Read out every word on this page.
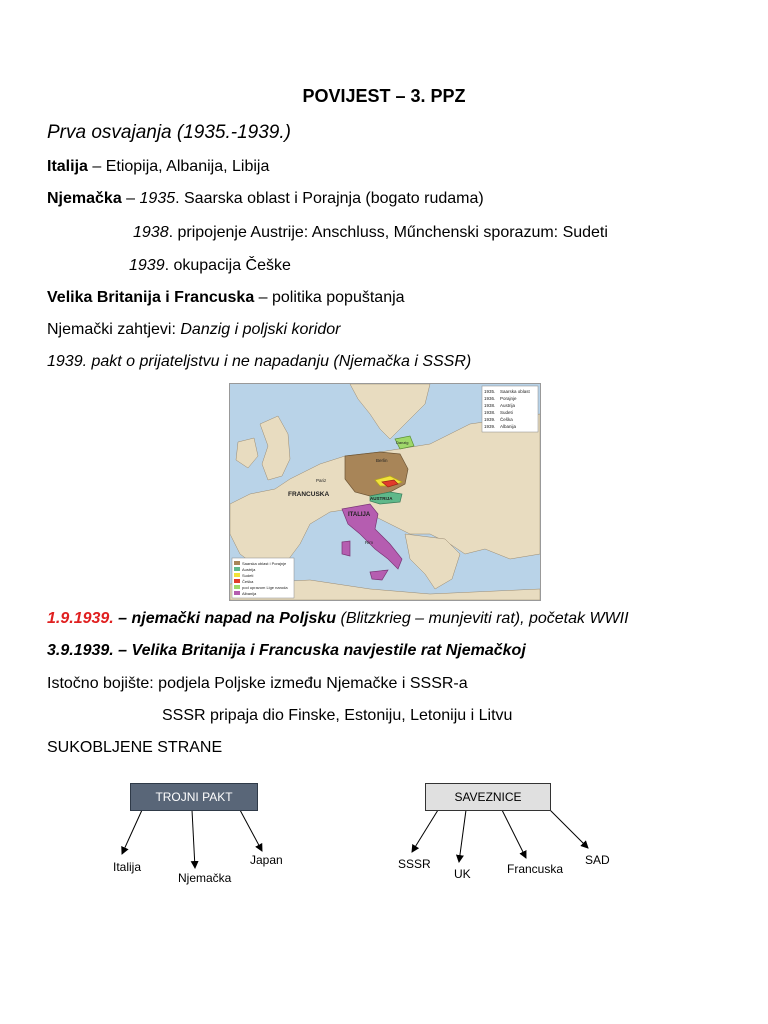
POVIJEST – 3. PPZ
Prva osvajanja (1935.-1939.)
Italija – Etiopija, Albanija, Libija
Njemačka – 1935. Saarska oblast i Porajnja (bogato rudama)
1938. pripojenje Austrije: Anschluss, Műnchenski sporazum: Sudeti
1939. okupacija Češke
Velika Britanija i Francuska – politika popuštanja
Njemački zahtjevi: Danzig i poljski koridor
1939. pakt o prijateljstvu i ne napadanju (Njemačka i SSSR)
1935.
1936.
1938.
1938.
1939.
1939.
Saarska oblast
Porajnje
Austrija
Sudeti
Češka
Albanija
Saarska oblast i Porajnje
Austrija
Sudeti
Češka
pod upravom Lige naroda
Albanija
FRANCUSKA
ITALIJA
AUSTRIJA
Berlin
Pariz
Rim
Danzig
1.9.1939. – njemački napad na Poljsku (Blitzkrieg – munjeviti rat), početak WWII
3.9.1939. – Velika Britanija i Francuska navjestile rat Njemačkoj
Istočno bojište: podjela Poljske između Njemačke i SSSR-a
SSSR pripaja dio Finske, Estoniju, Letoniju i Litvu
SUKOBLJENE STRANE
TROJNI PAKT	SAVEZNICE
Italija
Njemačka
Japan	SSSR
UK	Francuska
SAD
